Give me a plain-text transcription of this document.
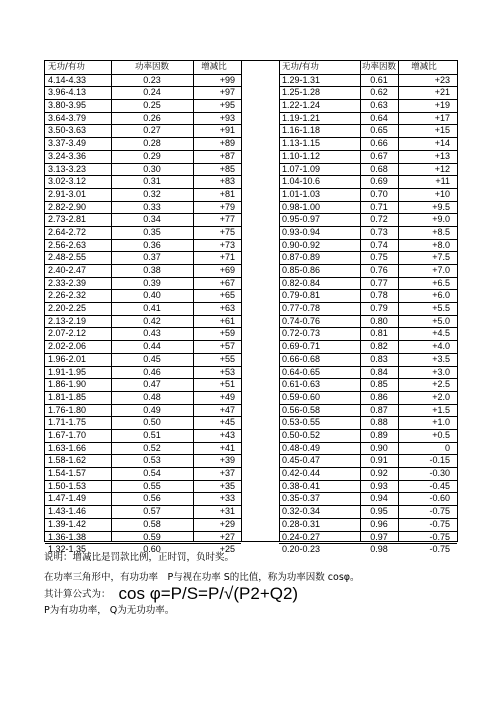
无功/有功	功率因数	增减比	无功/有功	功率因数	增减比
4.14-4.33	0.23	+99	1.29-1.31	0.61	+23
3.96-4.13	0.24	+97	1.25-1.28	0.62	+21
3.80-3.95	0.25	+95	1.22-1.24	0.63	+19
3.64-3.79	0.26	+93	1.19-1.21	0.64	+17
3.50-3.63	0.27	+91	1.16-1.18	0.65	+15
3.37-3.49	0.28	+89	1.13-1.15	0.66	+14
3.24-3.36	0.29	+87	1.10-1.12	0.67	+13
3.13-3.23	0.30	+85	1.07-1.09	0.68	+12
3.02-3.12	0.31	+83	1.04-10.6	0.69	+11
2.91-3.01	0.32	+81	1.01-1.03	0.70	+10
2.82-2.90	0.33	+79	0.98-1.00	0.71	+9.5
2.73-2.81	0.34	+77	0.95-0.97	0.72	+9.0
2.64-2.72	0.35	+75	0.93-0.94	0.73	+8.5
2.56-2.63	0.36	+73	0.90-0.92	0.74	+8.0
2.48-2.55	0.37	+71	0.87-0.89	0.75	+7.5
2.40-2.47	0.38	+69	0.85-0.86	0.76	+7.0
2.33-2.39	0.39	+67	0.82-0.84	0.77	+6.5
2.26-2.32	0.40	+65	0.79-0.81	0.78	+6.0
2.20-2.25	0.41	+63	0.77-0.78	0.79	+5.5
2.13-2.19	0.42	+61	0.74-0.76	0.80	+5.0
2.07-2.12	0.43	+59	0.72-0.73	0.81	+4.5
2.02-2.06	0.44	+57	0.69-0.71	0.82	+4.0
1.96-2.01	0.45	+55	0.66-0.68	0.83	+3.5
1.91-1.95	0.46	+53	0.64-0.65	0.84	+3.0
1.86-1.90	0.47	+51	0.61-0.63	0.85	+2.5
1.81-1.85	0.48	+49	0.59-0.60	0.86	+2.0
1.76-1.80	0.49	+47	0.56-0.58	0.87	+1.5
1.71-1.75	0.50	+45	0.53-0.55	0.88	+1.0
1.67-1.70	0.51	+43	0.50-0.52	0.89	+0.5
1.63-1.66	0.52	+41	0.48-0.49	0.90	0
1.58-1.62	0.53	+39	0.45-0.47	0.91	-0.15
1.54-1.57	0.54	+37	0.42-0.44	0.92	-0.30
1.50-1.53	0.55	+35	0.38-0.41	0.93	-0.45
1.47-1.49	0.56	+33	0.35-0.37	0.94	-0.60
1.43-1.46	0.57	+31	0.32-0.34	0.95	-0.75
1.39-1.42	0.58	+29	0.28-0.31	0.96	-0.75
1.36-1.38	0.59	+27	0.24-0.27	0.97	-0.75
1.32-1.35	0.60	+25	0.20-0.23	0.98	-0.75
说明：增减比是罚款比例，正时罚，负时奖。
在功率三角形中，有功功率　P与视在功率 S的比值，称为功率因数 cosφ。
其计算公式为： cos φ=P/S=P/√(P2+Q2)
P为有功功率， Q为无功功率。
